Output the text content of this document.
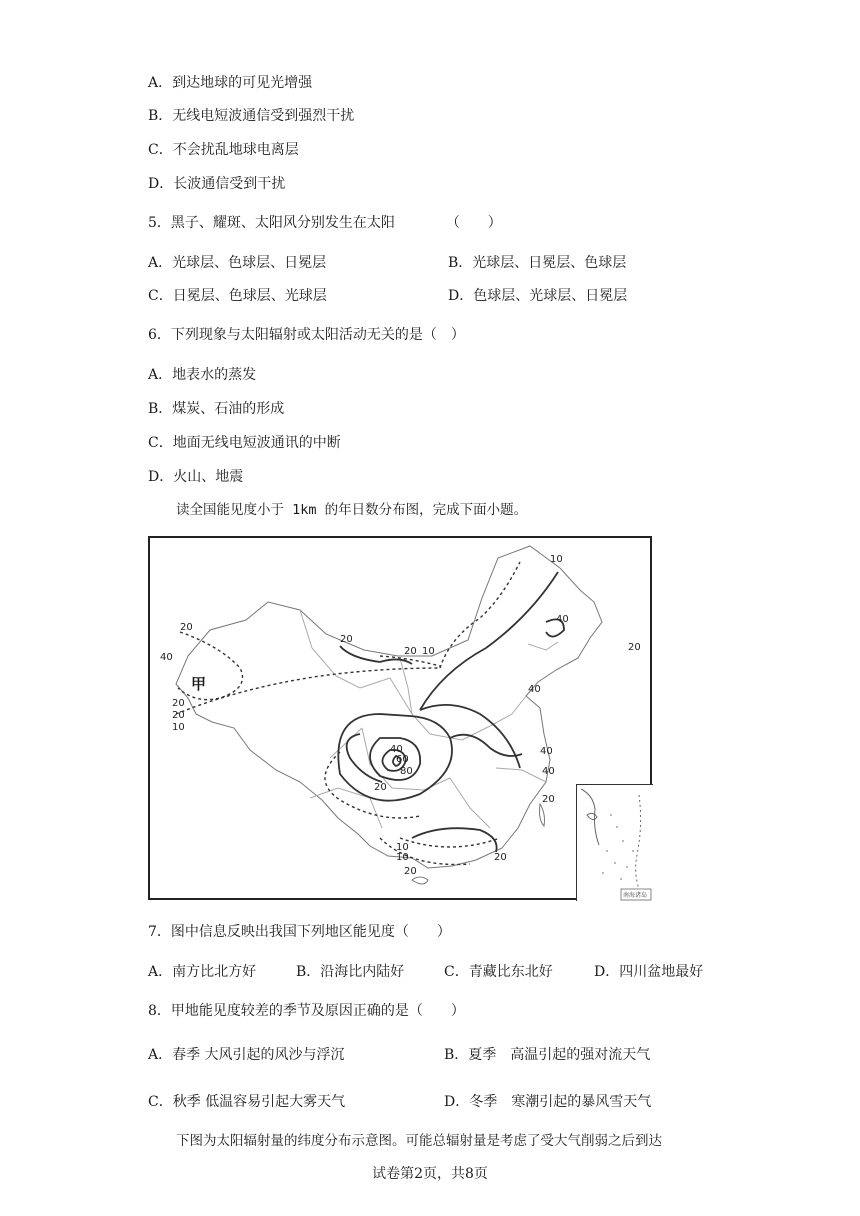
A．到达地球的可见光增强
B．无线电短波通信受到强烈干扰
C．不会扰乱地球电离层
D．长波通信受到干扰
5．黑子、耀斑、太阳风分别发生在太阳	（　　）
A．光球层、色球层、日冕层	B．光球层、日冕层、色球层
C．日冕层、色球层、光球层	D．色球层、光球层、日冕层
6．下列现象与太阳辐射或太阳活动无关的是（　）
A．地表水的蒸发
B．煤炭、石油的形成
C．地面无线电短波通讯的中断
D．火山、地震
读全国能见度小于 1km 的年日数分布图，完成下面小题。
10
20
40
20
40
20 10
20
20
10
20
40
40
40
20
40
60
80
20
10
10
20
20
甲
南海诸岛
7．图中信息反映出我国下列地区能见度（　　）
A．南方比北方好	B．沿海比内陆好	C．青藏比东北好	D．四川盆地最好
8．甲地能见度较差的季节及原因正确的是（　　）
A．春季 大风引起的风沙与浮沉	B．夏季　高温引起的强对流天气
C．秋季 低温容易引起大雾天气	D．冬季　寒潮引起的暴风雪天气
下图为太阳辐射量的纬度分布示意图。可能总辐射量是考虑了受大气削弱之后到达
试卷第2页，共8页
